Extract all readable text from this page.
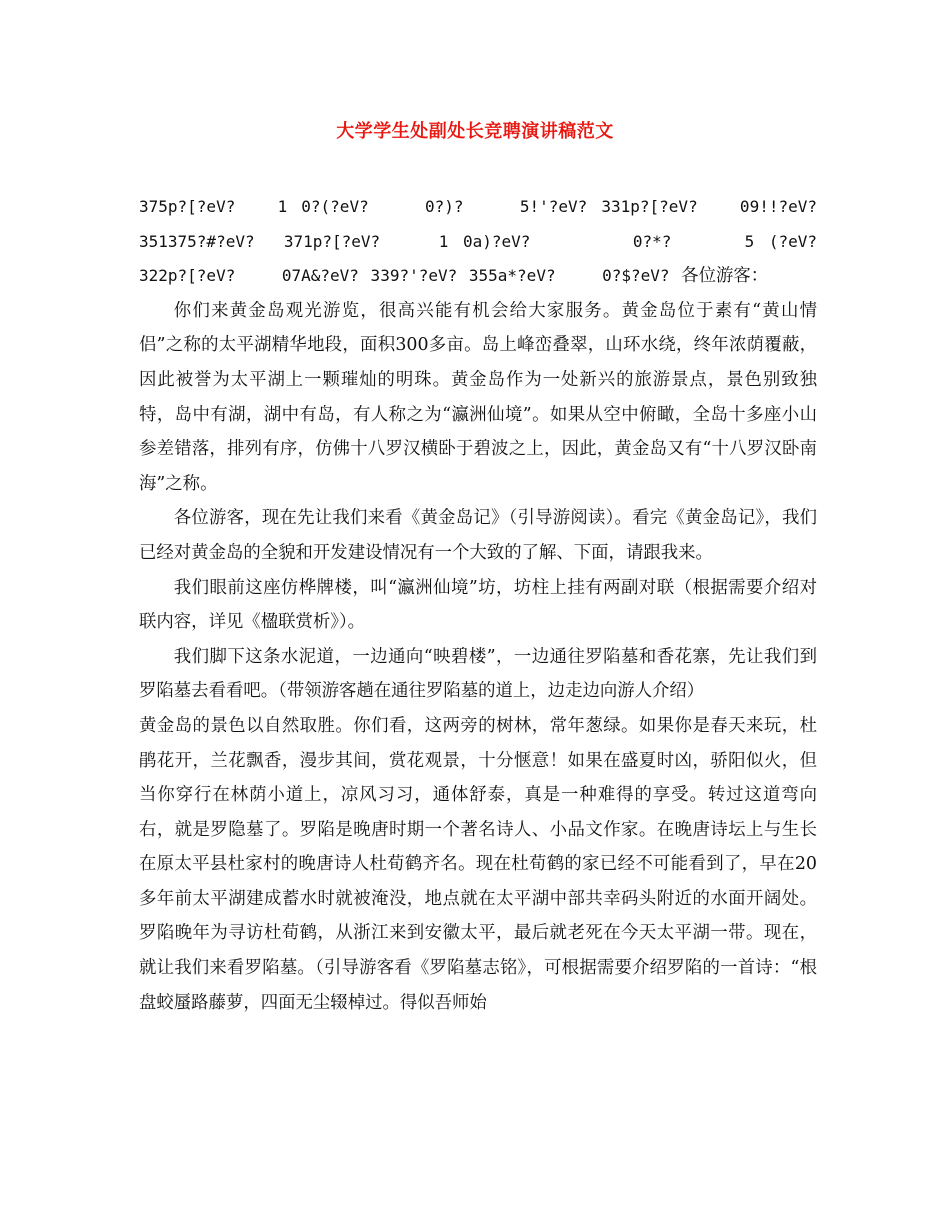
大学学生处副处长竞聘演讲稿范文

375p?[?eV?   1 0?(?eV?    0?)?    5!'?eV? 331p?[?eV?   09!!?eV? 351375?#?eV?  371p?[?eV?    1 0a)?eV?       0?*?     5 (?eV?  322p?[?eV?    07A&?eV? 339?'?eV? 355a*?eV?    0?$?eV? 各位游客：

你们来黄金岛观光游览，很高兴能有机会给大家服务。黄金岛位于素有“黄山情侣”之称的太平湖精华地段，面积300多亩。岛上峰峦叠翠，山环水绕，终年浓荫覆蔽，因此被誉为太平湖上一颗璀灿的明珠。黄金岛作为一处新兴的旅游景点，景色别致独特，岛中有湖，湖中有岛，有人称之为“瀛洲仙境”。如果从空中俯瞰，全岛十多座小山参差错落，排列有序，仿佛十八罗汉横卧于碧波之上，因此，黄金岛又有“十八罗汉卧南海”之称。

各位游客，现在先让我们来看《黄金岛记》（引导游阅读）。看完《黄金岛记》，我们已经对黄金岛的全貌和开发建设情况有一个大致的了解、下面，请跟我来。

我们眼前这座仿桦牌楼，叫“瀛洲仙境”坊，坊柱上挂有两副对联（根据需要介绍对联内容，详见《楹联赏析》）。

我们脚下这条水泥道，一边通向“映碧楼”，一边通往罗陷墓和香花寨，先让我们到罗陷墓去看看吧。（带领游客趟在通往罗陷墓的道上，边走边向游人介绍）

黄金岛的景色以自然取胜。你们看，这两旁的树林，常年葱绿。如果你是春天来玩，杜鹃花开，兰花飘香，漫步其间，赏花观景，十分惬意！如果在盛夏时凶，骄阳似火，但当你穿行在林荫小道上，凉风习习，通体舒泰，真是一种难得的享受。转过这道弯向右，就是罗隐墓了。罗陷是晚唐时期一个著名诗人、小品文作家。在晚唐诗坛上与生长在原太平县杜家村的晚唐诗人杜荀鹤齐名。现在杜荀鹤的家已经不可能看到了，早在20多年前太平湖建成蓄水时就被淹没，地点就在太平湖中部共幸码头附近的水面开阔处。罗陷晚年为寻访杜荀鹤，从浙江来到安徽太平，最后就老死在今天太平湖一带。现在，就让我们来看罗陷墓。（引导游客看《罗陷墓志铭》，可根据需要介绍罗陷的一首诗：“根盘蛟蜃路藤萝，四面无尘辍棹过。得似吾师始
